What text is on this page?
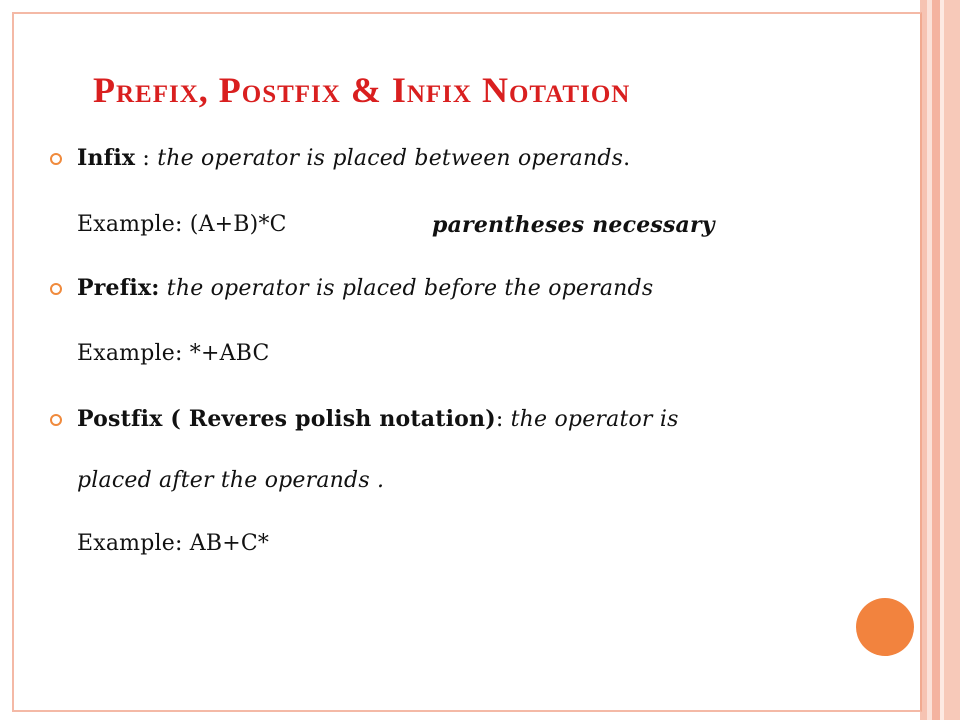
Prefix, Postfix & Infix Notation
Infix : the operator is placed between operands.
Example: (A+B)*C	parentheses necessary
Prefix: the operator is placed before the operands
Example: *+ABC
Postfix ( Reveres polish notation): the operator is
placed after the operands .
Example: AB+C*
